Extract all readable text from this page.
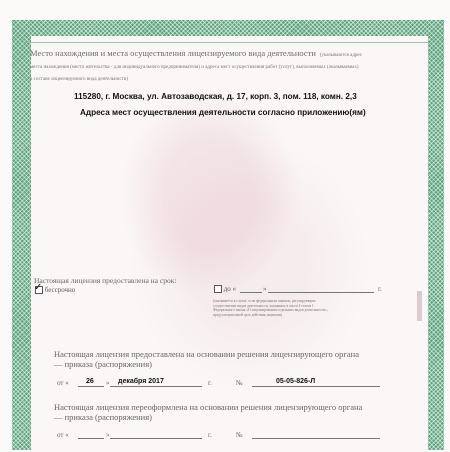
Место нахождения и места осуществления лицензируемого вида деятельности (указываются адрес
места нахождения (место жительства - для индивидуального предпринимателя) и адреса мест осуществления работ (услуг), выполняемых (оказываемых)
в составе лицензируемого вида деятельности)
115280, г. Москва, ул. Автозаводская, д. 17, корп. 3, пом. 118, комн. 2,3
Адреса мест осуществления деятельности согласно приложению(ям)
Настоящая лицензия предоставлена на срок:
бессрочно
✓	до «	»	г.
(указывается в случае, если федеральным законом, регулирующим осуществление видов деятельности, указанных в части 4 статьи 1 Федерального закона «О лицензировании отдельных видов деятельности», предусмотрен иной срок действия лицензии)
Настоящая лицензия предоставлена на основании решения лицензирующего органа
— приказа (распоряжения)
от « 26 » декабря 2017	г.	№	05-05-826-Л
Настоящая лицензия переоформлена на основании решения лицензирующего органа
— приказа (распоряжения)
от «	»	г.	№
